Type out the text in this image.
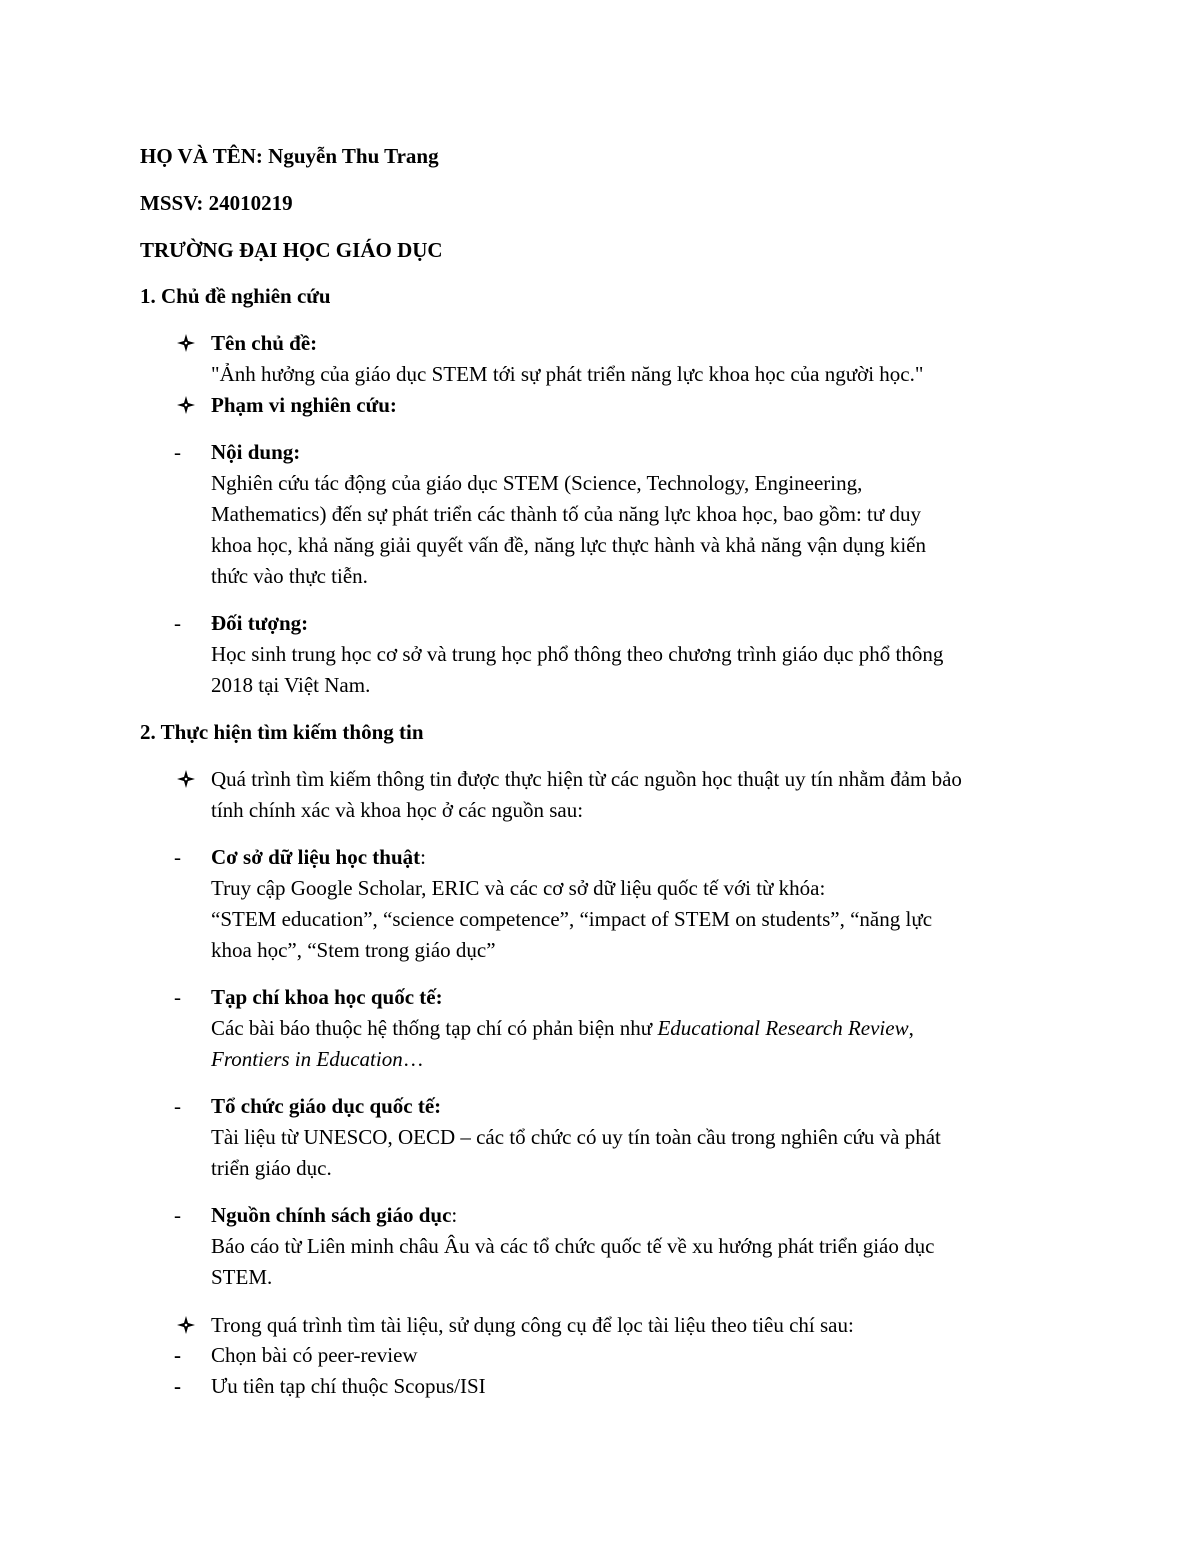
HỌ VÀ TÊN: Nguyễn Thu Trang
MSSV: 24010219
TRƯỜNG ĐẠI HỌC GIÁO DỤC
1. Chủ đề nghiên cứu
Tên chủ đề:
"Ảnh hưởng của giáo dục STEM tới sự phát triển năng lực khoa học của người học."
Phạm vi nghiên cứu:
- Nội dung:
Nghiên cứu tác động của giáo dục STEM (Science, Technology, Engineering,
Mathematics) đến sự phát triển các thành tố của năng lực khoa học, bao gồm: tư duy
khoa học, khả năng giải quyết vấn đề, năng lực thực hành và khả năng vận dụng kiến
thức vào thực tiễn.
- Đối tượng:
Học sinh trung học cơ sở và trung học phổ thông theo chương trình giáo dục phổ thông
2018 tại Việt Nam.
2. Thực hiện tìm kiếm thông tin
Quá trình tìm kiếm thông tin được thực hiện từ các nguồn học thuật uy tín nhằm đảm bảo
tính chính xác và khoa học ở các nguồn sau:
- Cơ sở dữ liệu học thuật:
Truy cập Google Scholar, ERIC và các cơ sở dữ liệu quốc tế với từ khóa:
“STEM education”, “science competence”, “impact of STEM on students”, “năng lực
khoa học”, “Stem trong giáo dục”
- Tạp chí khoa học quốc tế:
Các bài báo thuộc hệ thống tạp chí có phản biện như Educational Research Review,
Frontiers in Education…
- Tổ chức giáo dục quốc tế:
Tài liệu từ UNESCO, OECD – các tổ chức có uy tín toàn cầu trong nghiên cứu và phát
triển giáo dục.
- Nguồn chính sách giáo dục:
Báo cáo từ Liên minh châu Âu và các tổ chức quốc tế về xu hướng phát triển giáo dục
STEM.
Trong quá trình tìm tài liệu, sử dụng công cụ để lọc tài liệu theo tiêu chí sau:
- Chọn bài có peer-review
- Ưu tiên tạp chí thuộc Scopus/ISI
